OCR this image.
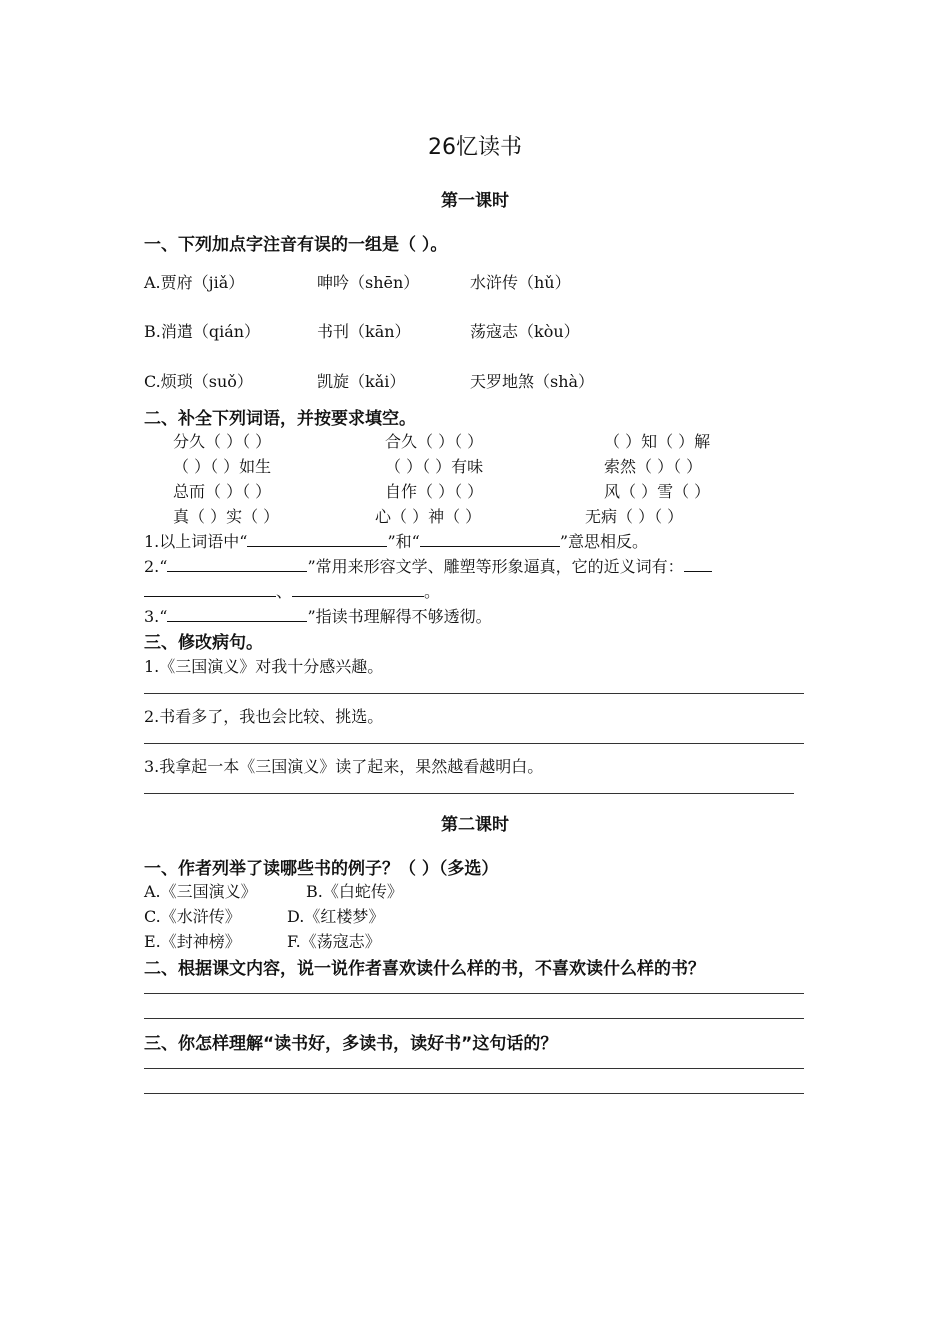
26忆读书
第一课时
一、下列加点字注音有误的一组是（ ）。
A.贾府（jiǎ）	呻吟（shēn）	水浒传（hǔ）
B.消遣（qián）	书刊（kān）	荡寇志（kòu）
C.烦琐（suǒ）	凯旋（kǎi）	天罗地煞（shà）
二、补全下列词语，并按要求填空。
分久（ ）（ ）	合久（ ）（ ）	（ ）知（ ）解
（ ）（ ）如生	（ ）（ ）有味	索然（ ）（ ）
总而（ ）（ ）	自作（ ）（ ）	风（ ）雪（ ）
真（ ）实（ ）	心（ ）神（ ）	无病（ ）（ ）
1.以上词语中“	”和“	”意思相反。
2.“	”常用来形容文学、雕塑等形象逼真，它的近义词有：
、	。
3.“	”指读书理解得不够透彻。
三、修改病句。
1.《三国演义》对我十分感兴趣。
2.书看多了，我也会比较、挑选。
3.我拿起一本《三国演义》读了起来，果然越看越明白。
第二课时
一、作者列举了读哪些书的例子？（ ）（多选）
A.《三国演义》	B.《白蛇传》
C.《水浒传》	D.《红楼梦》
E.《封神榜》	F.《荡寇志》
二、根据课文内容，说一说作者喜欢读什么样的书，不喜欢读什么样的书？
三、你怎样理解“读书好，多读书，读好书”这句话的？
